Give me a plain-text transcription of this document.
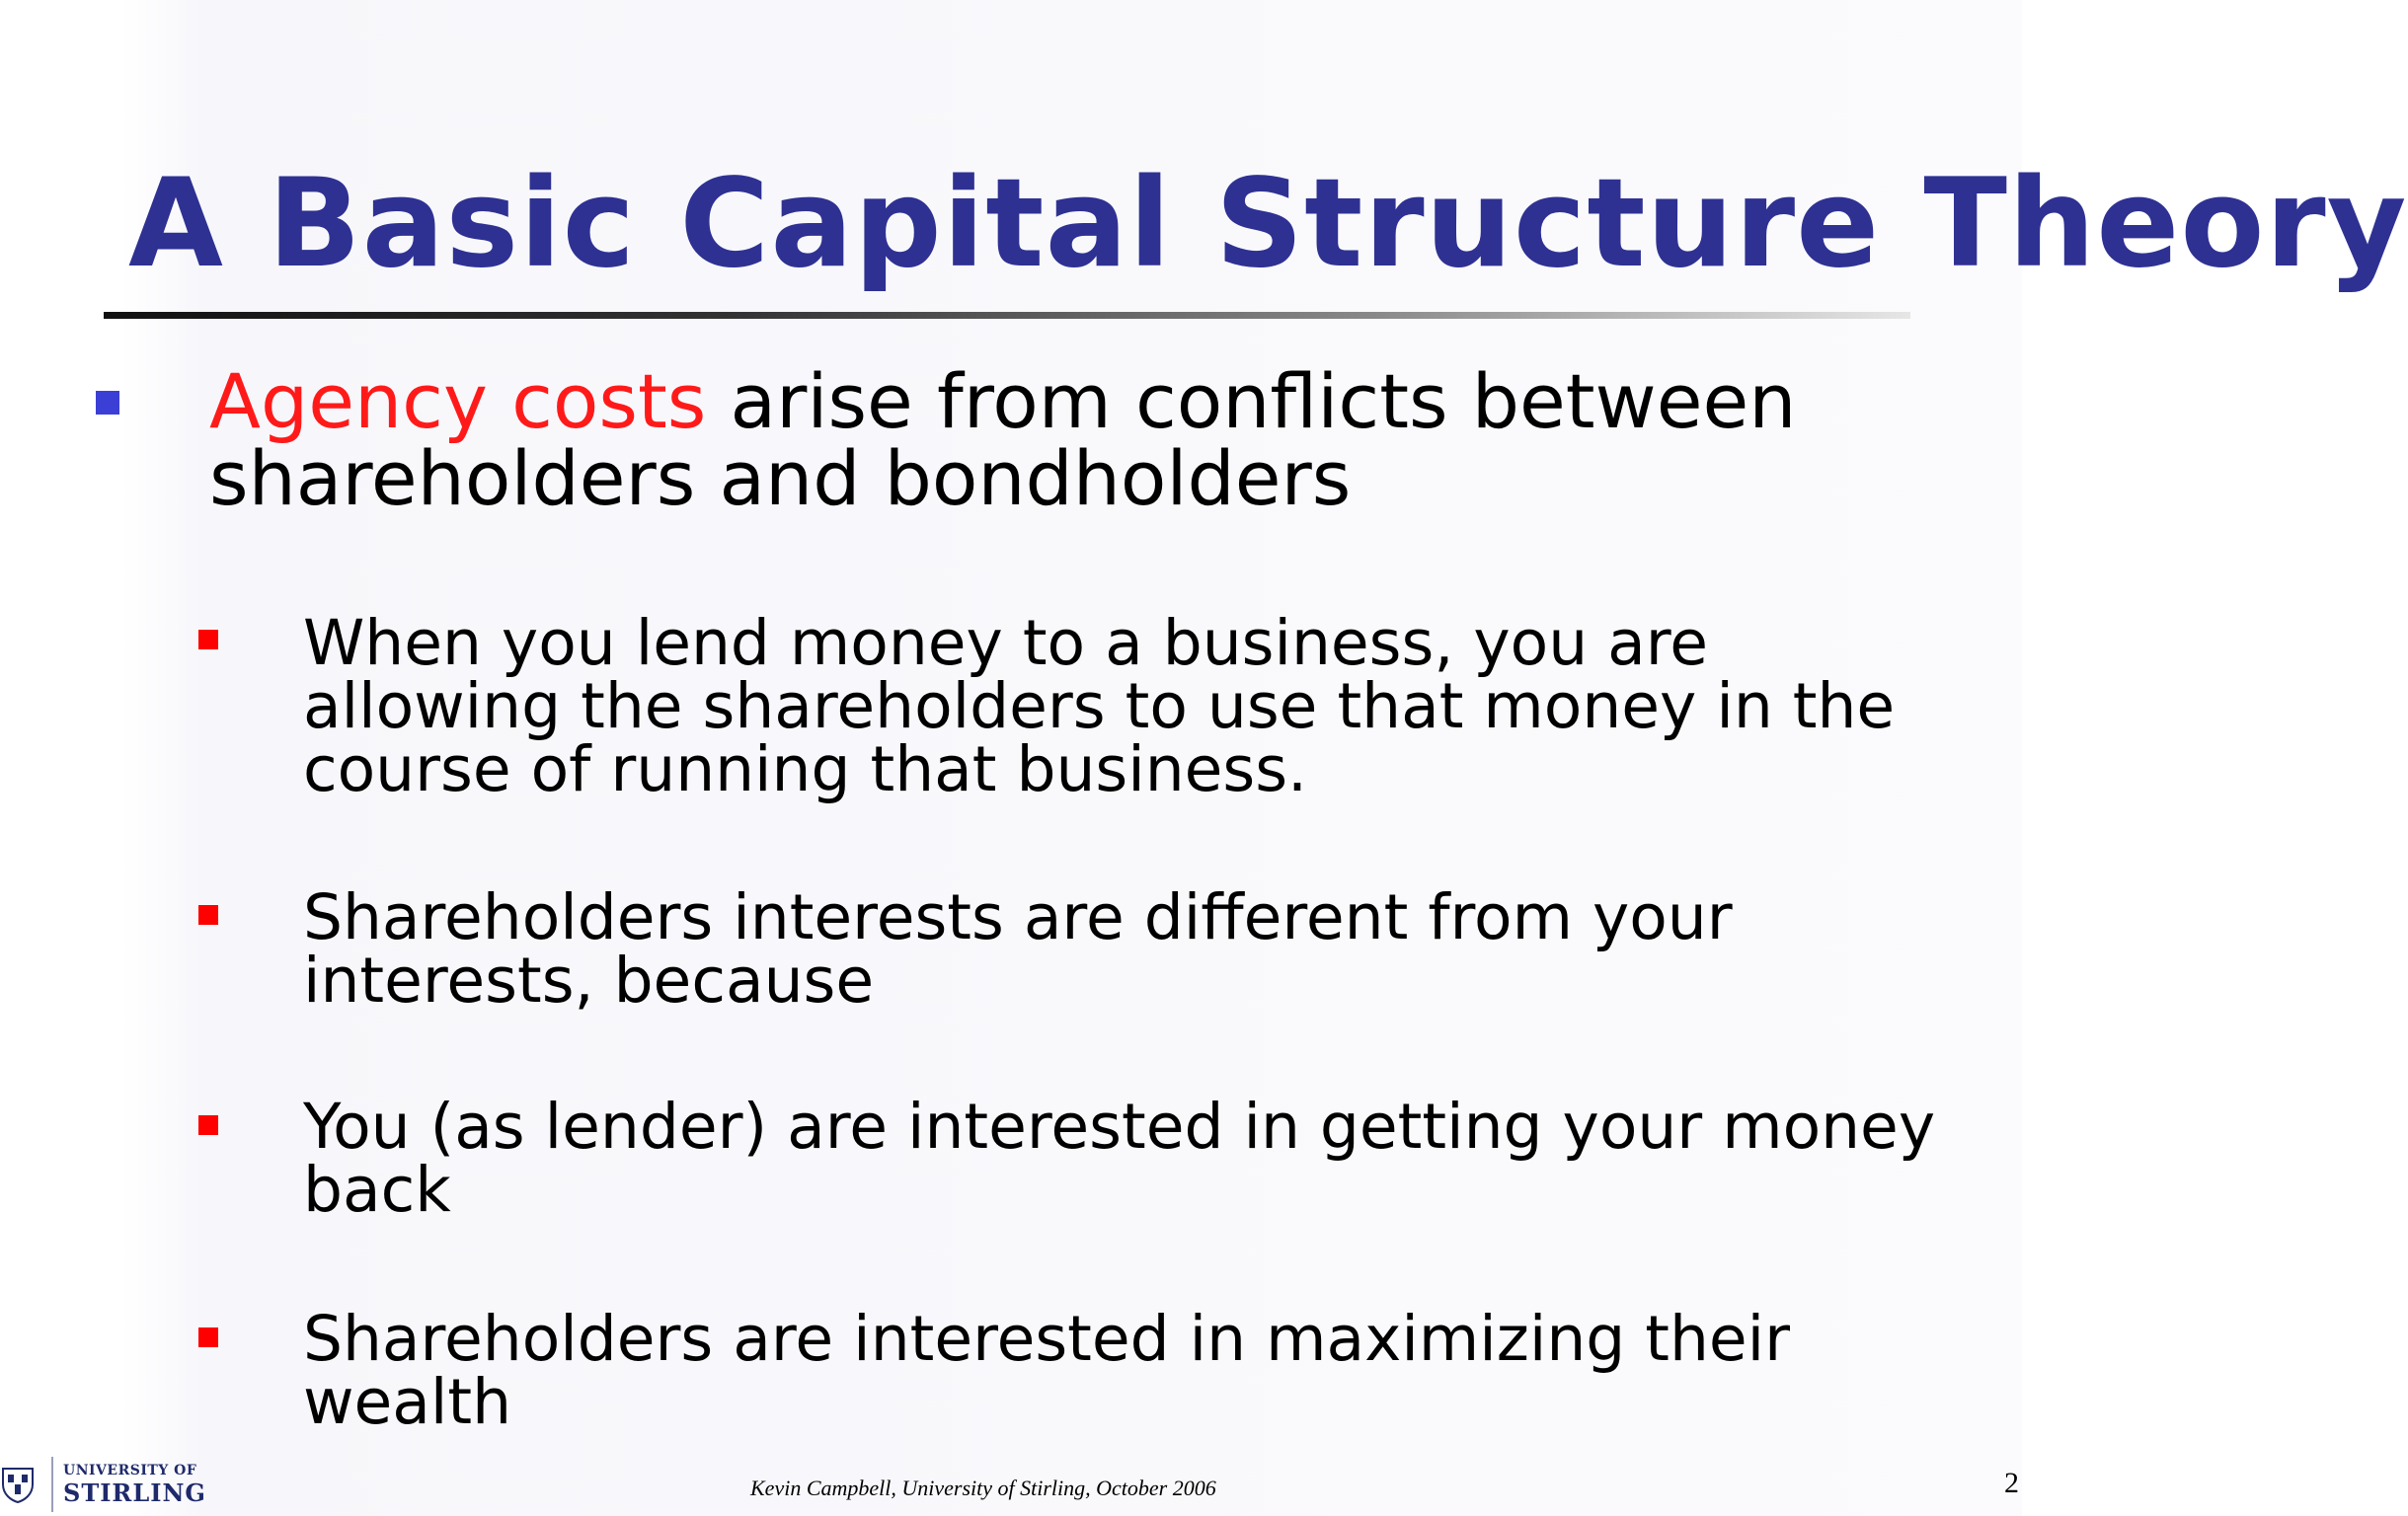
A Basic Capital Structure Theory
Agency costs arise from conflicts between shareholders and bondholders
When you lend money to a business, you are allowing the shareholders to use that money in the course of running that business.
Shareholders interests are different from your interests, because
You (as lender) are interested in getting your money back
Shareholders are interested in maximizing their wealth
UNIVERSITY OF
STIRLING	Kevin Campbell, University of Stirling, October 2006	2
